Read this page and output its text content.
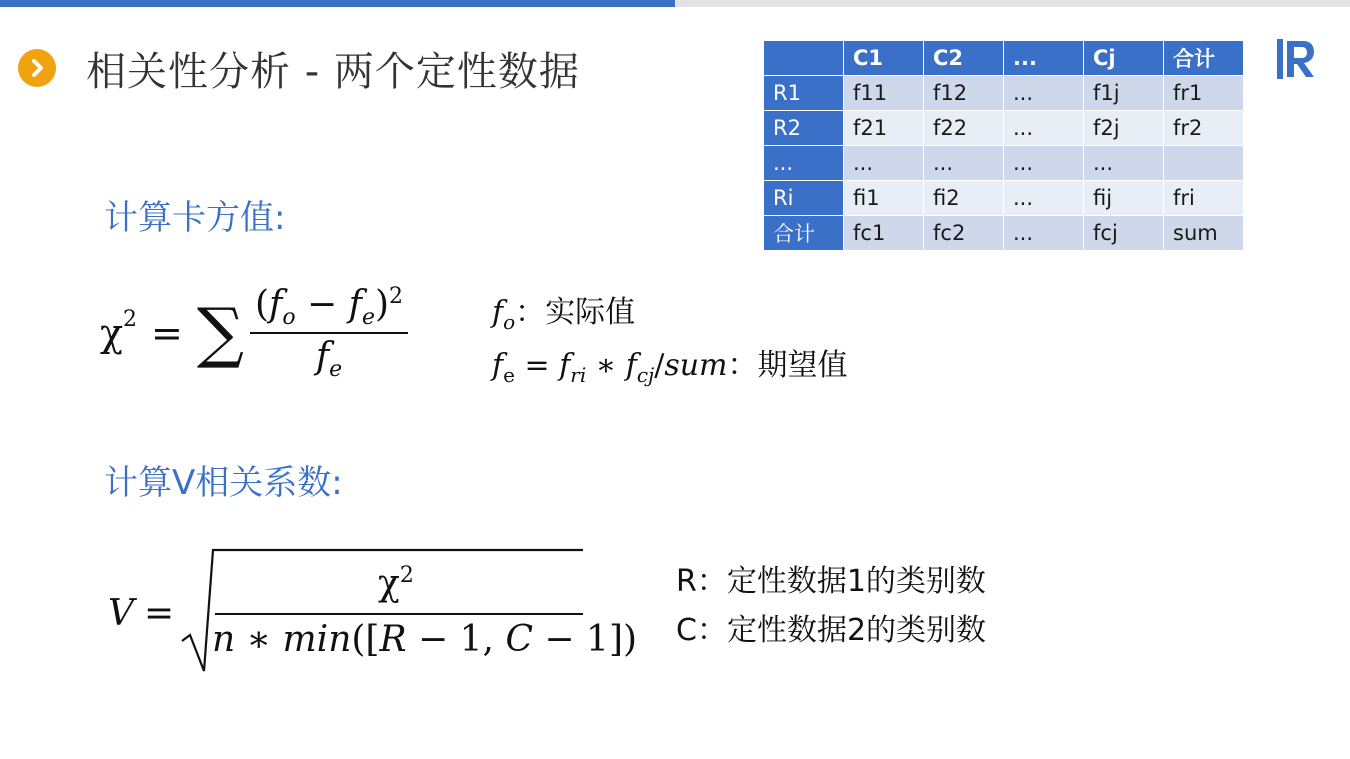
相关性分析 - 两个定性数据
计算卡方值:
$\chi^2$ = ∑ $\frac{(f_o - f_e)^2}{f_e}$	$f_o$：实际值
$f_e = f_{ri}$ ∗ $f_{cj}$/sum：期望值
计算V相关系数:
V =
$\chi^2$
n ∗ min([R − 1, C − 1])
R：定性数据1的类别数
C：定性数据2的类别数
	C1	C2	...	Cj	合计
R1	f11	f12	...	f1j	fr1
R2	f21	f22	...	f2j	fr2
...	...	...	...	...	
Ri	fi1	fi2	...	fij	fri
合计	fc1	fc2	...	fcj	sum
